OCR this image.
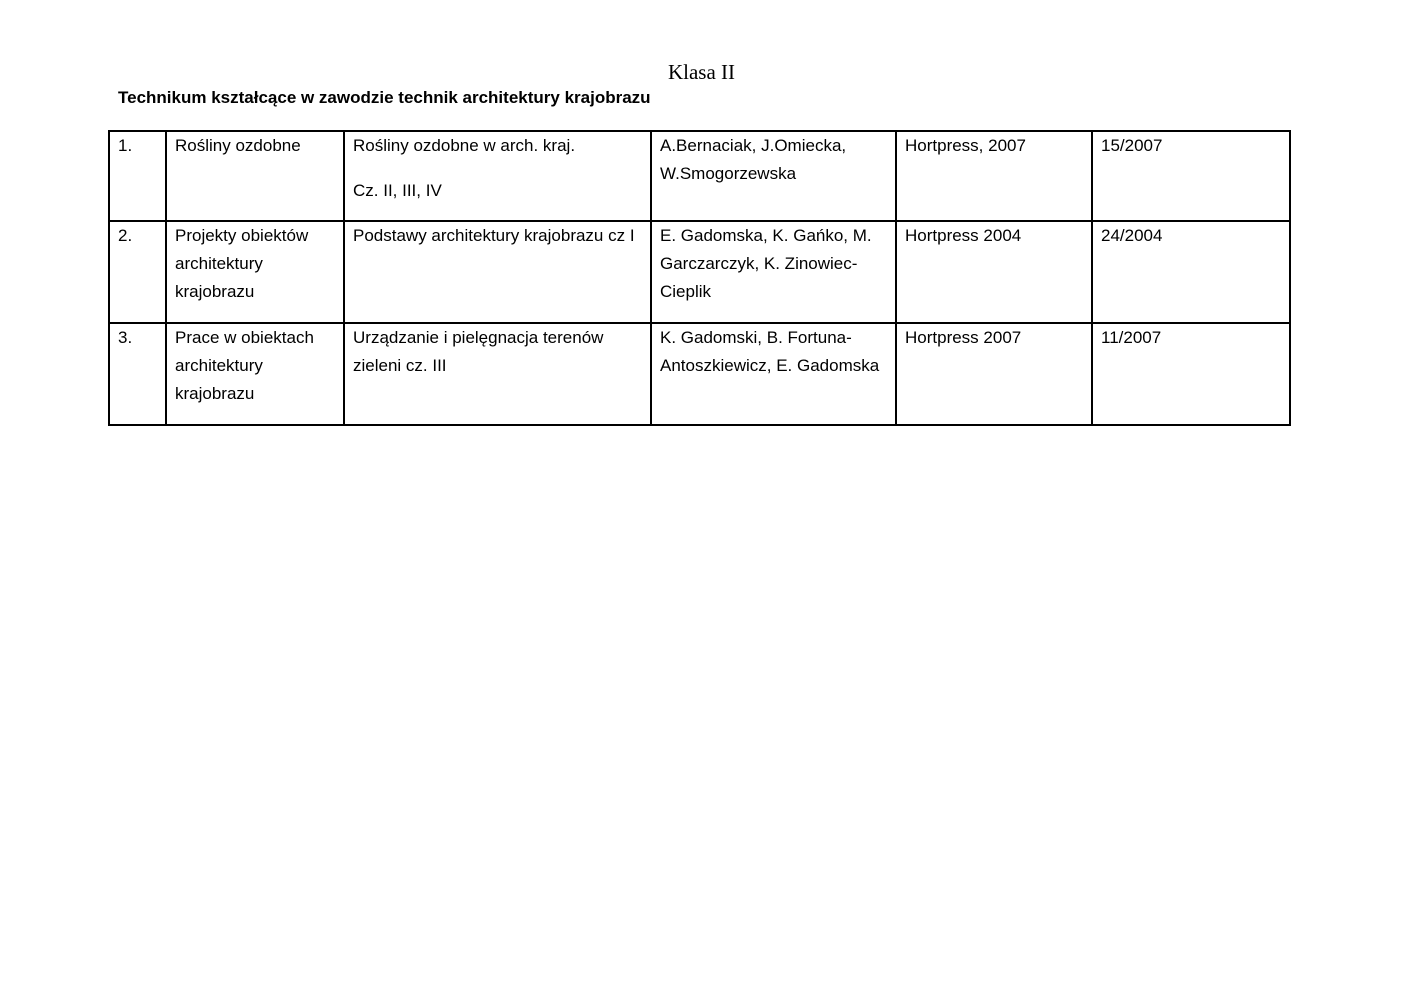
Klasa II
Technikum kształcące w zawodzie technik architektury krajobrazu
1.	Rośliny ozdobne	Rośliny ozdobne w arch. kraj.
Cz. II, III, IV	A.Bernaciak, J.Omiecka, W.Smogorzewska	Hortpress, 2007	15/2007
2.	Projekty obiektów architektury krajobrazu	Podstawy architektury krajobrazu cz I	E. Gadomska, K. Gańko, M. Garczarczyk, K. Zinowiec-Cieplik	Hortpress 2004	24/2004
3.	Prace w obiektach architektury krajobrazu	Urządzanie i pielęgnacja terenów zieleni cz. III	K. Gadomski, B. Fortuna-Antoszkiewicz, E. Gadomska	Hortpress 2007	11/2007
